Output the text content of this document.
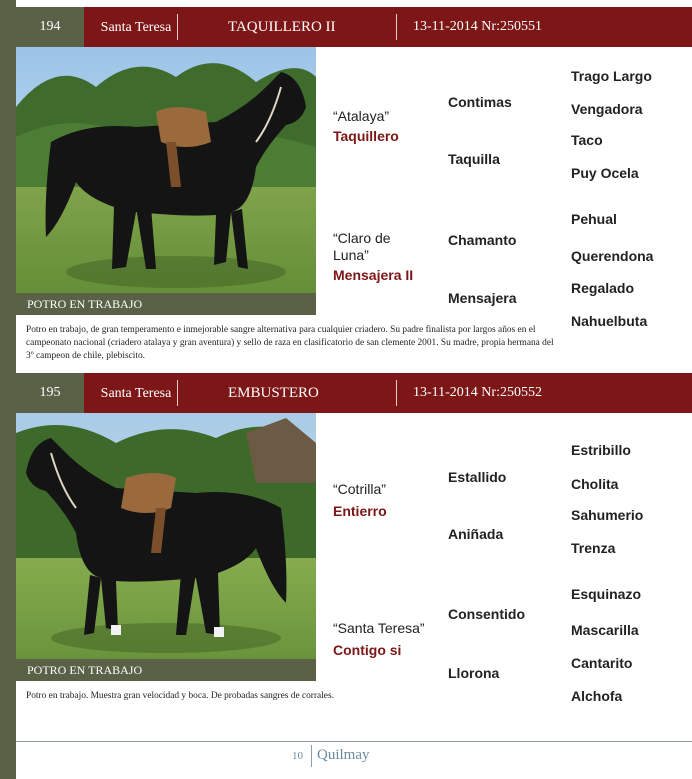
194	Santa Teresa	TAQUILLERO II	13-11-2014 Nr:250551
POTRO EN TRABAJO
Potro en trabajo, de gran temperamento e inmejorable sangre alternativa para cualquier criadero. Su padre finalista por largos años en el campeonato nacional (criadero atalaya y gran aventura) y sello de raza en clasificatorio de san clemente 2001. Su madre, propia hermana del 3º campeon de chile, plebiscito.
“Atalaya”
Taquillero
“Claro de Luna”
Mensajera II
Contimas
Taquilla
Chamanto
Mensajera
Trago Largo
Vengadora
Taco
Puy Ocela
Pehual
Querendona
Regalado
Nahuelbuta
195	Santa Teresa	EMBUSTERO	13-11-2014 Nr:250552
POTRO EN TRABAJO
Potro en trabajo. Muestra gran velocidad y boca. De probadas sangres de corrales.
“Cotrilla”
Entierro
“Santa Teresa”
Contigo si
Estallido
Aniñada
Consentido
Llorona
Estribillo
Cholita
Sahumerio
Trenza
Esquinazo
Mascarilla
Cantarito
Alchofa
10 Quilmay
